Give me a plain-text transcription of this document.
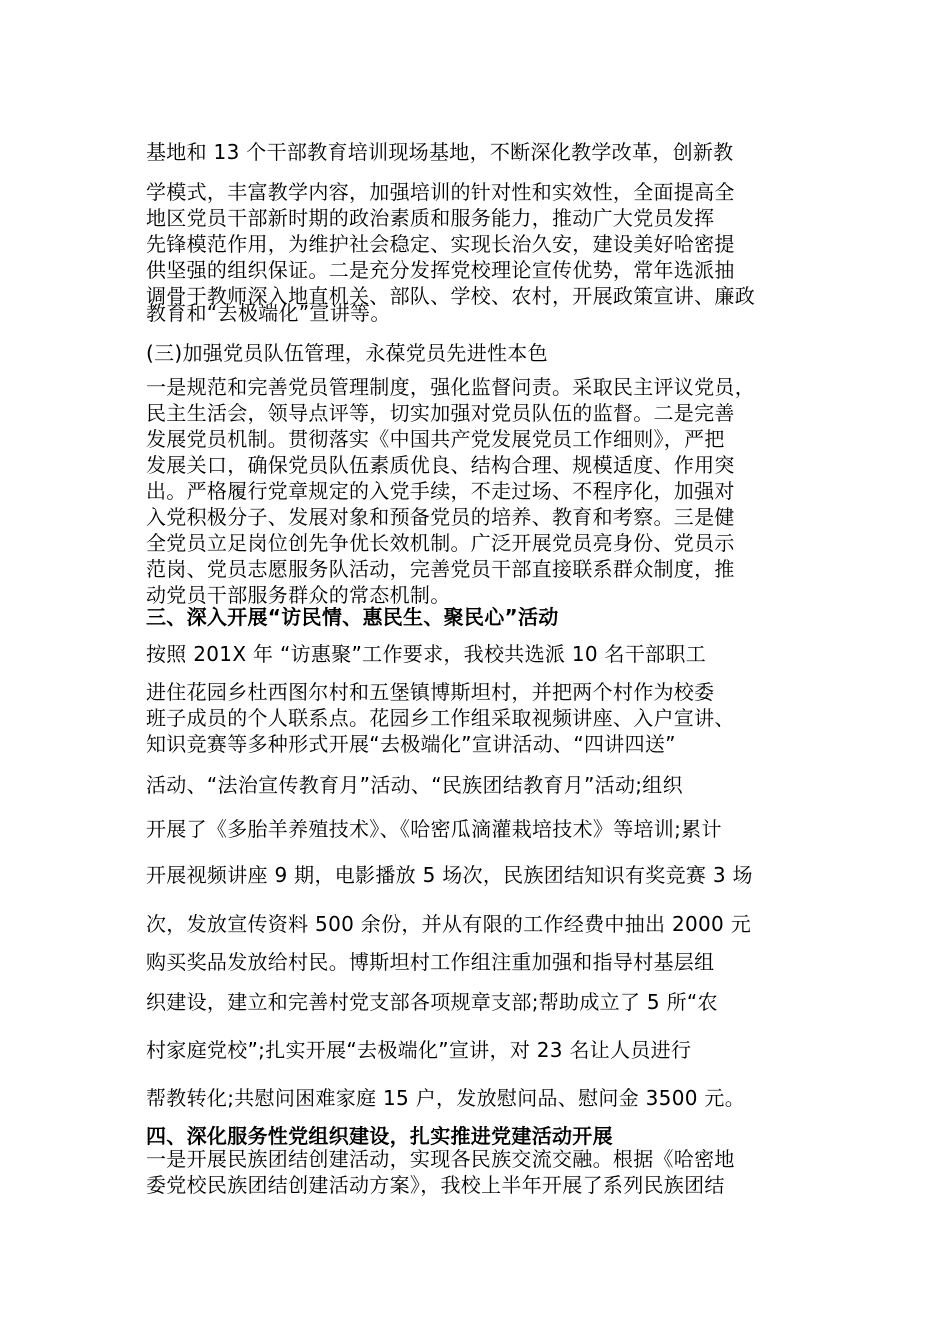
基地和 13 个干部教育培训现场基地，不断深化教学改革，创新教

学模式，丰富教学内容，加强培训的针对性和实效性，全面提高全

地区党员干部新时期的政治素质和服务能力，推动广大党员发挥

先锋模范作用，为维护社会稳定、实现长治久安，建设美好哈密提

供坚强的组织保证。二是充分发挥党校理论宣传优势，常年选派抽

调骨干教师深入地直机关、部队、学校、农村，开展政策宣讲、廉政

教育和“去极端化”宣讲等。

(三)加强党员队伍管理，永葆党员先进性本色

一是规范和完善党员管理制度，强化监督问责。采取民主评议党员，

民主生活会，领导点评等，切实加强对党员队伍的监督。二是完善

发展党员机制。贯彻落实《中国共产党发展党员工作细则》，严把

发展关口，确保党员队伍素质优良、结构合理、规模适度、作用突

出。严格履行党章规定的入党手续，不走过场、不程序化，加强对

入党积极分子、发展对象和预备党员的培养、教育和考察。三是健

全党员立足岗位创先争优长效机制。广泛开展党员亮身份、党员示

范岗、党员志愿服务队活动，完善党员干部直接联系群众制度，推

动党员干部服务群众的常态机制。

三、深入开展“访民情、惠民生、聚民心”活动

按照 201X 年 “访惠聚”工作要求，我校共选派 10 名干部职工

进住花园乡杜西图尔村和五堡镇博斯坦村，并把两个村作为校委

班子成员的个人联系点。花园乡工作组采取视频讲座、入户宣讲、

知识竞赛等多种形式开展“去极端化”宣讲活动、“四讲四送”

活动、“法治宣传教育月”活动、“民族团结教育月”活动;组织

开展了《多胎羊养殖技术》、《哈密瓜滴灌栽培技术》等培训;累计

开展视频讲座 9 期，电影播放 5 场次，民族团结知识有奖竞赛 3 场

次，发放宣传资料 500 余份，并从有限的工作经费中抽出 2000 元

购买奖品发放给村民。博斯坦村工作组注重加强和指导村基层组

织建设，建立和完善村党支部各项规章支部;帮助成立了 5 所“农

村家庭党校”;扎实开展“去极端化”宣讲，对 23 名让人员进行

帮教转化;共慰问困难家庭 15 户，发放慰问品、慰问金 3500 元。

四、深化服务性党组织建设，扎实推进党建活动开展

一是开展民族团结创建活动，实现各民族交流交融。根据《哈密地

委党校民族团结创建活动方案》，我校上半年开展了系列民族团结
